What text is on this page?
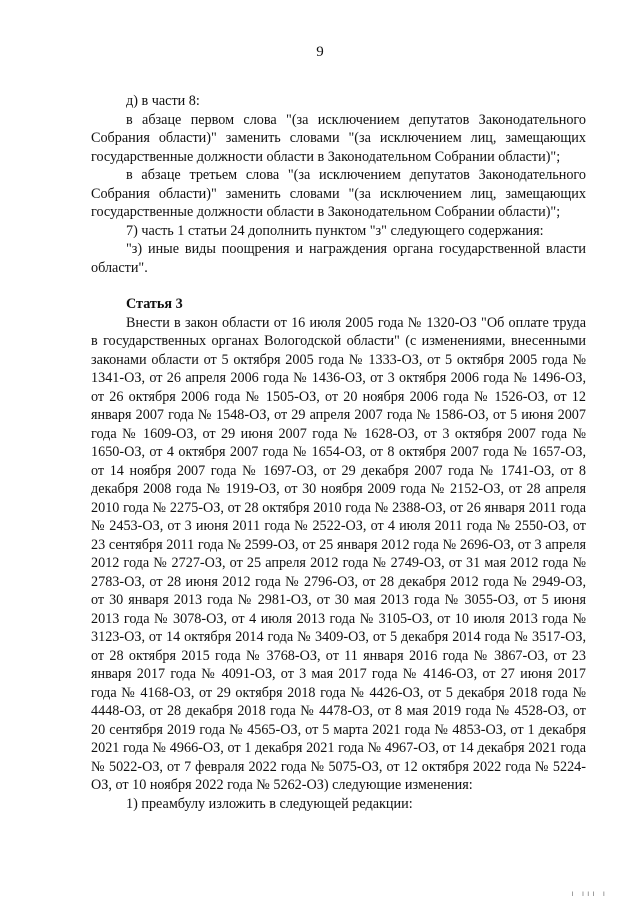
9

д) в части 8:

в абзаце первом слова "(за исключением депутатов Законодательного Собрания области)" заменить словами "(за исключением лиц, замещающих государственные должности области в Законодательном Собрании области)";

в абзаце третьем слова "(за исключением депутатов Законодательного Собрания области)" заменить словами "(за исключением лиц, замещающих государственные должности области в Законодательном Собрании области)";

7) часть 1 статьи 24 дополнить пунктом "з" следующего содержания:

"з) иные виды поощрения и награждения органа государственной власти области".

Статья 3

Внести в закон области от 16 июля 2005 года № 1320-ОЗ "Об оплате труда в государственных органах Вологодской области" (с изменениями, внесенными законами области от 5 октября 2005 года № 1333-ОЗ, от 5 октября 2005 года № 1341-ОЗ, от 26 апреля 2006 года № 1436-ОЗ, от 3 октября 2006 года № 1496-ОЗ, от 26 октября 2006 года № 1505-ОЗ, от 20 ноября 2006 года № 1526-ОЗ, от 12 января 2007 года № 1548-ОЗ, от 29 апреля 2007 года № 1586-ОЗ, от 5 июня 2007 года № 1609-ОЗ, от 29 июня 2007 года № 1628-ОЗ, от 3 октября 2007 года № 1650-ОЗ, от 4 октября 2007 года № 1654-ОЗ, от 8 октября 2007 года № 1657-ОЗ, от 14 ноября 2007 года № 1697-ОЗ, от 29 декабря 2007 года № 1741-ОЗ, от 8 декабря 2008 года № 1919-ОЗ, от 30 ноября 2009 года № 2152-ОЗ, от 28 апреля 2010 года № 2275-ОЗ, от 28 октября 2010 года № 2388-ОЗ, от 26 января 2011 года № 2453-ОЗ, от 3 июня 2011 года № 2522-ОЗ, от 4 июля 2011 года № 2550-ОЗ, от 23 сентября 2011 года № 2599-ОЗ, от 25 января 2012 года № 2696-ОЗ, от 3 апреля 2012 года № 2727-ОЗ, от 25 апреля 2012 года № 2749-ОЗ, от 31 мая 2012 года № 2783-ОЗ, от 28 июня 2012 года № 2796-ОЗ, от 28 декабря 2012 года № 2949-ОЗ, от 30 января 2013 года № 2981-ОЗ, от 30 мая 2013 года № 3055-ОЗ, от 5 июня 2013 года № 3078-ОЗ, от 4 июля 2013 года № 3105-ОЗ, от 10 июля 2013 года № 3123-ОЗ, от 14 октября 2014 года № 3409-ОЗ, от 5 декабря 2014 года № 3517-ОЗ, от 28 октября 2015 года № 3768-ОЗ, от 11 января 2016 года № 3867-ОЗ, от 23 января 2017 года № 4091-ОЗ, от 3 мая 2017 года № 4146-ОЗ, от 27 июня 2017 года № 4168-ОЗ, от 29 октября 2018 года № 4426-ОЗ, от 5 декабря 2018 года № 4448-ОЗ, от 28 декабря 2018 года № 4478-ОЗ, от 8 мая 2019 года № 4528-ОЗ, от 20 сентября 2019 года № 4565-ОЗ, от 5 марта 2021 года № 4853-ОЗ, от 1 декабря 2021 года № 4966-ОЗ, от 1 декабря 2021 года № 4967-ОЗ, от 14 декабря 2021 года № 5022-ОЗ, от 7 февраля 2022 года № 5075-ОЗ, от 12 октября 2022 года № 5224-ОЗ, от 10 ноября 2022 года № 5262-ОЗ) следующие изменения:

1) преамбулу изложить в следующей редакции:

ı ııı ı
